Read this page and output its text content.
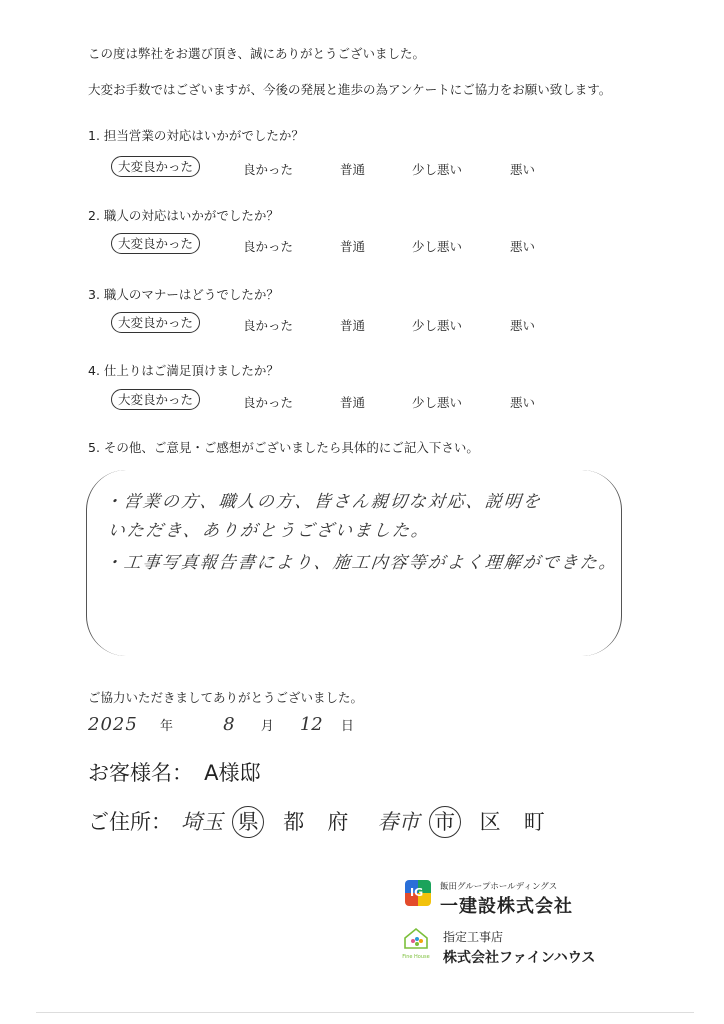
この度は弊社をお選び頂き、誠にありがとうございました。
大変お手数ではございますが、今後の発展と進歩の為アンケートにご協力をお願い致します。
1. 担当営業の対応はいかがでしたか？
大変良かった	良かった	普通	少し悪い	悪い
2. 職人の対応はいかがでしたか？
大変良かった	良かった	普通	少し悪い	悪い
3. 職人のマナーはどうでしたか？
大変良かった	良かった	普通	少し悪い	悪い
4. 仕上りはご満足頂けましたか？
大変良かった	良かった	普通	少し悪い	悪い
5. その他、ご意見・ご感想がございましたら具体的にご記入下さい。
・営業の方、職人の方、皆さん親切な対応、説明を
いただき、ありがとうございました。
・工事写真報告書により、施工内容等がよく理解ができた。
ご協力いただきましてありがとうございました。
2025 年	8 月 12 日
お客様名： A様邸
ご住所： 埼玉 県 都 府 春市 市 区 町
IG 飯田グループホールディングス
一建設株式会社
Fine House
指定工事店
株式会社ファインハウス
